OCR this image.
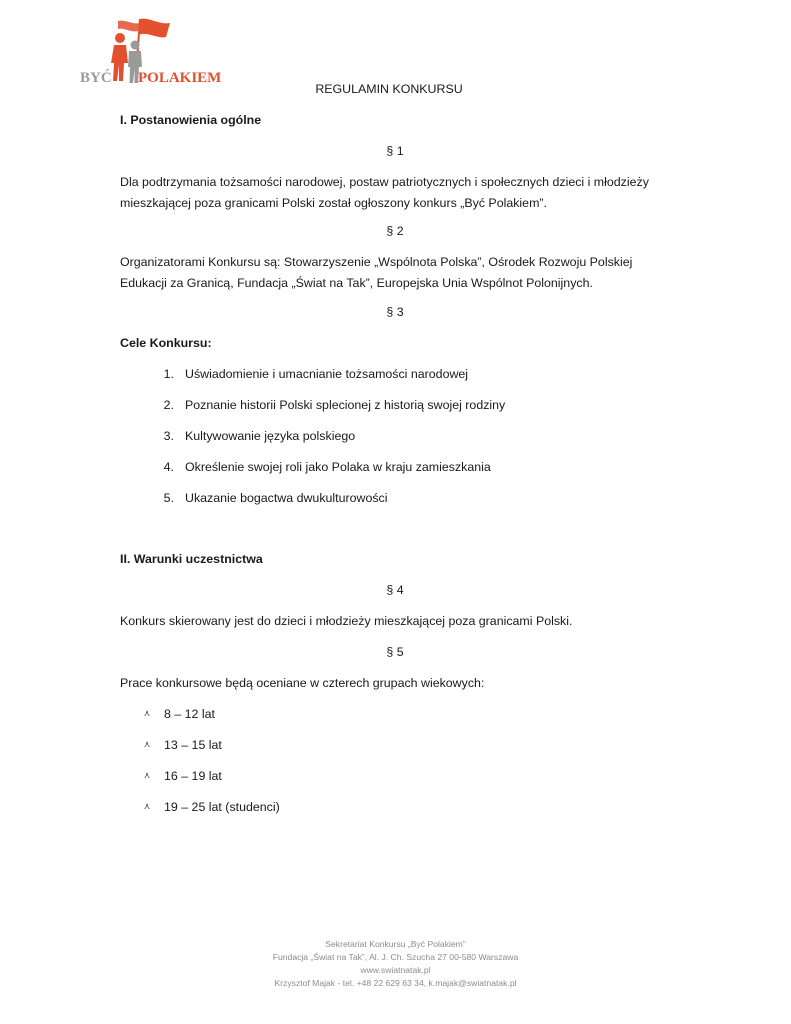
BYĆ POLAKIEM
REGULAMIN KONKURSU
I. Postanowienia ogólne
§ 1
Dla podtrzymania tożsamości narodowej, postaw patriotycznych i społecznych dzieci i młodzieży mieszkającej poza granicami Polski został ogłoszony konkurs „Być Polakiem”.
§ 2
Organizatorami Konkursu są: Stowarzyszenie „Wspólnota Polska”, Ośrodek Rozwoju Polskiej Edukacji za Granicą, Fundacja „Świat na Tak”, Europejska Unia Wspólnot Polonijnych.
§ 3
Cele Konkursu:
1. Uświadomienie i umacnianie tożsamości narodowej
2. Poznanie historii Polski splecionej z historią swojej rodziny
3. Kultywowanie języka polskiego
4. Określenie swojej roli jako Polaka w kraju zamieszkania
5. Ukazanie bogactwa dwukulturowości
II. Warunki uczestnictwa
§ 4
Konkurs skierowany jest do dzieci i młodzieży mieszkającej poza granicami Polski.
§ 5
Prace konkursowe będą oceniane w czterech grupach wiekowych:
⋏ 8 – 12 lat
⋏ 13 – 15 lat
⋏ 16 – 19 lat
⋏ 19 – 25 lat (studenci)
Sekretariat Konkursu „Być Polakiem”
Fundacja „Świat na Tak”, Al. J. Ch. Szucha 27 00-580 Warszawa
www.swiatnatak.pl
Krzysztof Majak - tel. +48 22 629 63 34, k.majak@swiatnatak.pl
